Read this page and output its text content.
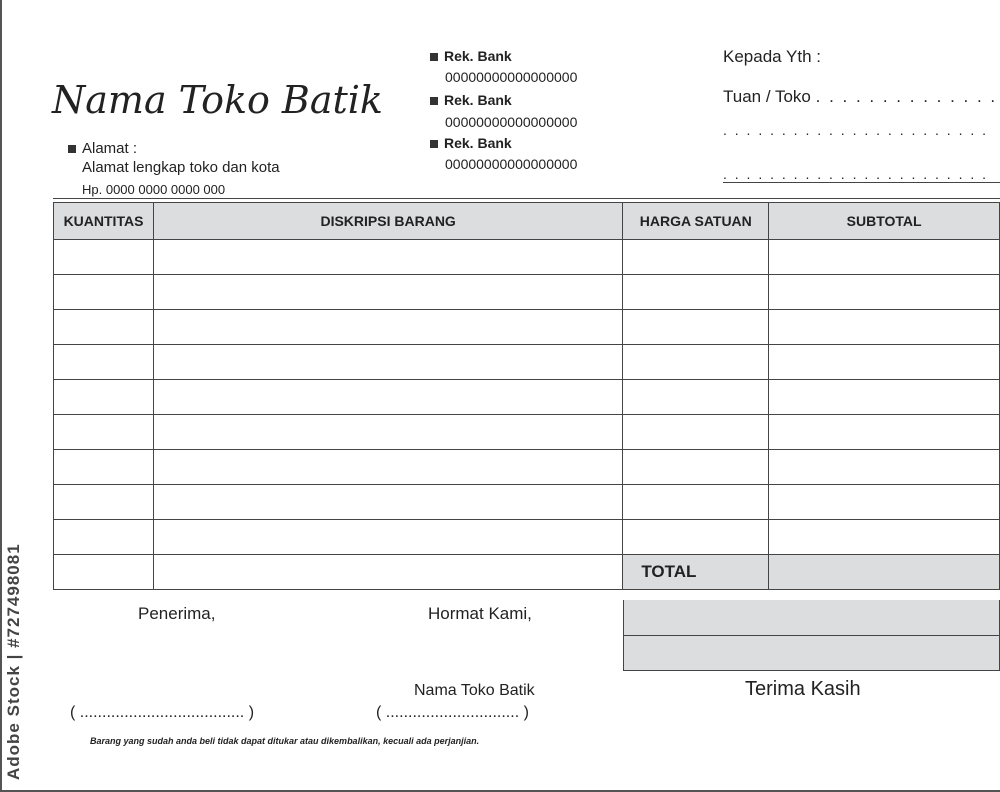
Nama Toko Batik
Alamat :
Alamat lengkap toko dan kota
Hp. 0000 0000 0000 000
Rek. Bank
00000000000000000
Rek. Bank
00000000000000000
Rek. Bank
00000000000000000
Kepada Yth :
Tuan / Toko . . . . . . . . . . . . . .
. . . . . . . . . . . . . . . . . . . . . . .
. . . . . . . . . . . . . . . . . . . . . . .
KUANTITAS	DISKRIPSI BARANG	HARGA SATUAN	SUBTOTAL

		TOTAL	
Penerima,	Hormat Kami,
Terima Kasih
( ..................................... )
Nama Toko Batik
( .............................. )
Barang yang sudah anda beli tidak dapat ditukar atau dikembalikan, kecuali ada perjanjian.
Adobe Stock | #727498081
